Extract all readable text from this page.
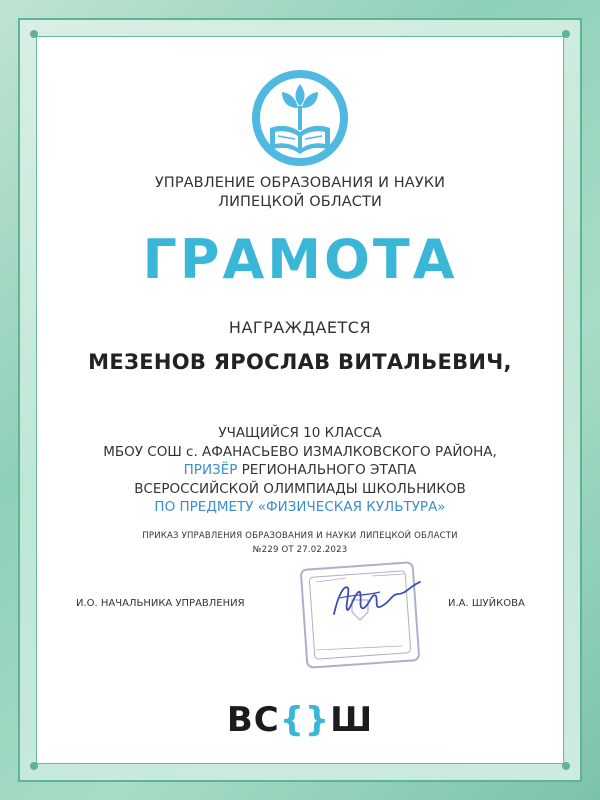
УПРАВЛЕНИЕ ОБРАЗОВАНИЯ И НАУКИ
ЛИПЕЦКОЙ ОБЛАСТИ
ГРАМОТА
НАГРАЖДАЕТСЯ
МЕЗЕНОВ ЯРОСЛАВ ВИТАЛЬЕВИЧ,
УЧАЩИЙСЯ 10 КЛАССА
МБОУ СОШ с. АФАНАСЬЕВО ИЗМАЛКОВСКОГО РАЙОНА,
ПРИЗЁР РЕГИОНАЛЬНОГО ЭТАПА
ВСЕРОССИЙСКОЙ ОЛИМПИАДЫ ШКОЛЬНИКОВ
ПО ПРЕДМЕТУ «ФИЗИЧЕСКАЯ КУЛЬТУРА»
ПРИКАЗ УПРАВЛЕНИЯ ОБРАЗОВАНИЯ И НАУКИ ЛИПЕЦКОЙ ОБЛАСТИ
№229 ОТ 27.02.2023
И.О. НАЧАЛЬНИКА УПРАВЛЕНИЯ	И.А. ШУЙКОВА
ВС{}Ш
